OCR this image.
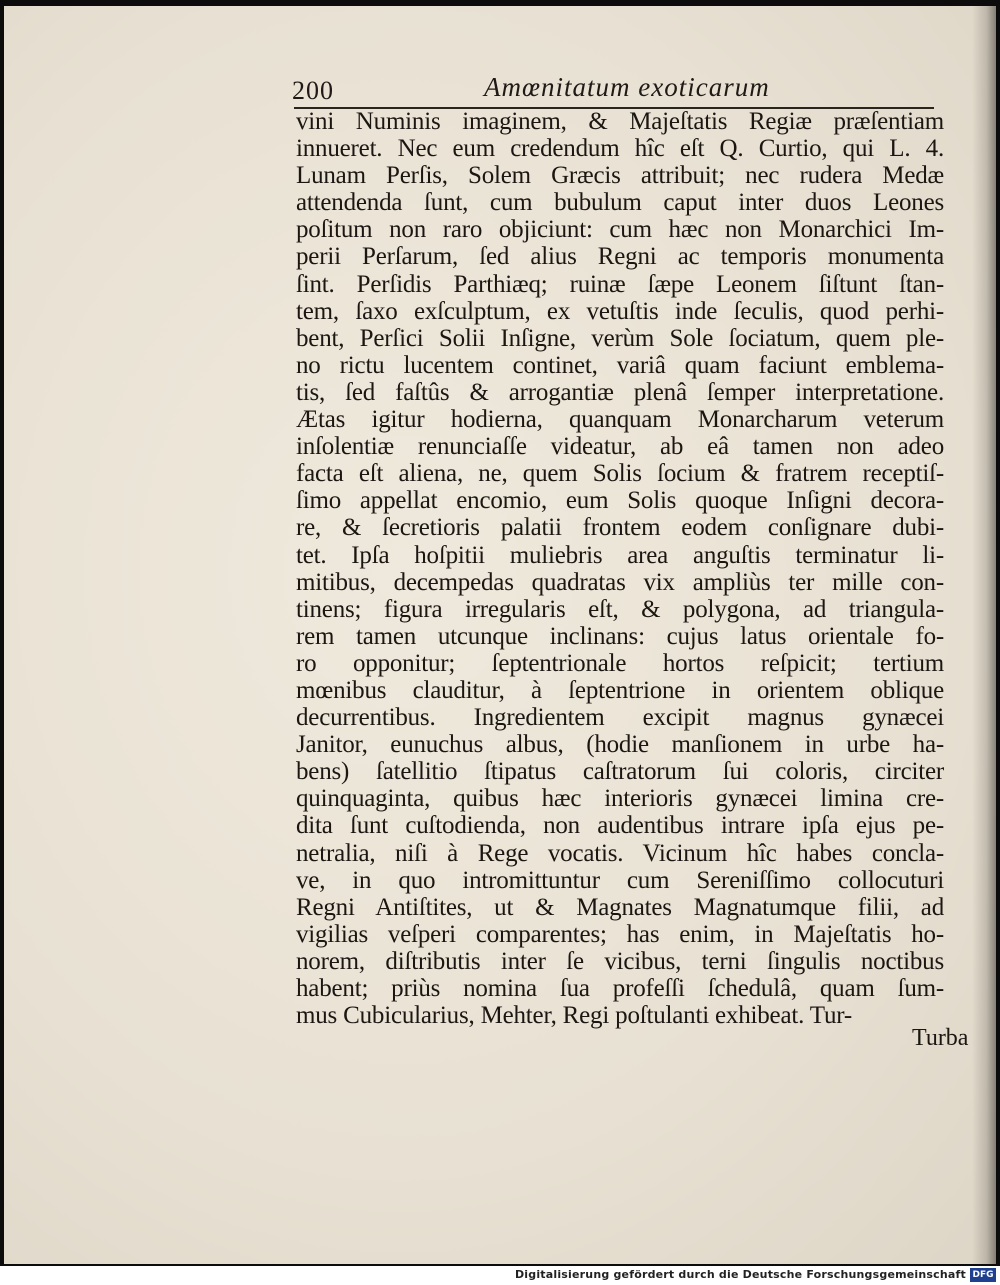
200	Amœnitatum exoticarum
vini Numinis imaginem, & Majeſtatis Regiæ præſentiam
innueret. Nec eum credendum hîc eſt Q. Curtio, qui L. 4.
Lunam Perſis, Solem Græcis attribuit; nec rudera Medæ
attendenda ſunt, cum bubulum caput inter duos Leones
poſitum non raro objiciunt: cum hæc non Monarchici Im-
perii Perſarum, ſed alius Regni ac temporis monumenta
ſint. Perſidis Parthiæq; ruinæ ſæpe Leonem ſiſtunt ſtan-
tem, ſaxo exſculptum, ex vetuſtis inde ſeculis, quod perhi-
bent, Perſici Solii Inſigne, verùm Sole ſociatum, quem ple-
no rictu lucentem continet, variâ quam faciunt emblema-
tis, ſed faſtûs & arrogantiæ plenâ ſemper interpretatione.
Ætas igitur hodierna, quanquam Monarcharum veterum
inſolentiæ renunciaſſe videatur, ab eâ tamen non adeo
facta eſt aliena, ne, quem Solis ſocium & fratrem receptiſ-
ſimo appellat encomio, eum Solis quoque Inſigni decora-
re, & ſecretioris palatii frontem eodem conſignare dubi-
tet. Ipſa hoſpitii muliebris area anguſtis terminatur li-
mitibus, decempedas quadratas vix ampliùs ter mille con-
tinens; figura irregularis eſt, & polygona, ad triangula-
rem tamen utcunque inclinans: cujus latus orientale fo-
ro opponitur; ſeptentrionale hortos reſpicit; tertium
mœnibus clauditur, à ſeptentrione in orientem oblique
decurrentibus. Ingredientem excipit magnus gynæcei
Janitor, eunuchus albus, (hodie manſionem in urbe ha-
bens) ſatellitio ſtipatus caſtratorum ſui coloris, circiter
quinquaginta, quibus hæc interioris gynæcei limina cre-
dita ſunt cuſtodienda, non audentibus intrare ipſa ejus pe-
netralia, niſi à Rege vocatis. Vicinum hîc habes concla-
ve, in quo intromittuntur cum Sereniſſimo collocuturi
Regni Antiſtites, ut & Magnates Magnatumque filii, ad
vigilias veſperi comparentes; has enim, in Majeſtatis ho-
norem, diſtributis inter ſe vicibus, terni ſingulis noctibus
habent; priùs nomina ſua profeſſi ſchedulâ, quam ſum-
mus Cubicularius, Mehter, Regi poſtulanti exhibeat. Tur-
Turba
Digitalisierung gefördert durch die Deutsche Forschungsgemeinschaft DFG
